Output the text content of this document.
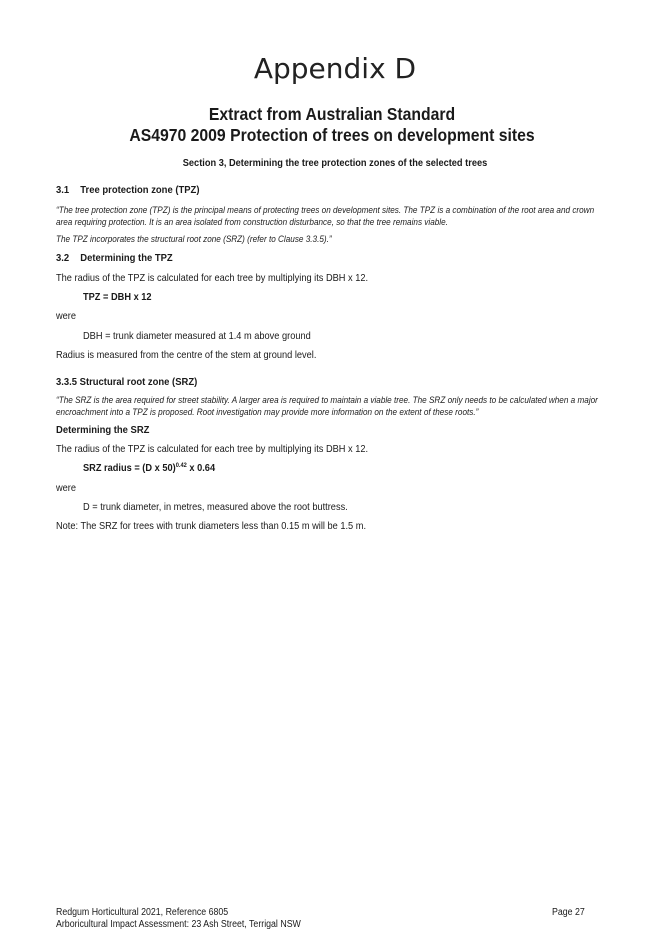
Appendix D
Extract from Australian Standard
AS4970 2009 Protection of trees on development sites
Section 3, Determining the tree protection zones of the selected trees
3.1 Tree protection zone (TPZ)
“The tree protection zone (TPZ) is the principal means of protecting trees on development sites. The TPZ is a combination of the root area and crown
area requiring protection. It is an area isolated from construction disturbance, so that the tree remains viable.
The TPZ incorporates the structural root zone (SRZ) (refer to Clause 3.3.5).”
3.2 Determining the TPZ
The radius of the TPZ is calculated for each tree by multiplying its DBH x 12.
TPZ = DBH x 12
were
DBH = trunk diameter measured at 1.4 m above ground
Radius is measured from the centre of the stem at ground level.
3.3.5 Structural root zone (SRZ)
“The SRZ is the area required for street stability. A larger area is required to maintain a viable tree. The SRZ only needs to be calculated when a major
encroachment into a TPZ is proposed. Root investigation may provide more information on the extent of these roots.”
Determining the SRZ
The radius of the TPZ is calculated for each tree by multiplying its DBH x 12.
SRZ radius = (D x 50)$^{0.42}$ x 0.64
were
D = trunk diameter, in metres, measured above the root buttress.
Note: The SRZ for trees with trunk diameters less than 0.15 m will be 1.5 m.
Redgum Horticultural 2021, Reference 6805
Arboricultural Impact Assessment: 23 Ash Street, Terrigal NSW
Page 27
